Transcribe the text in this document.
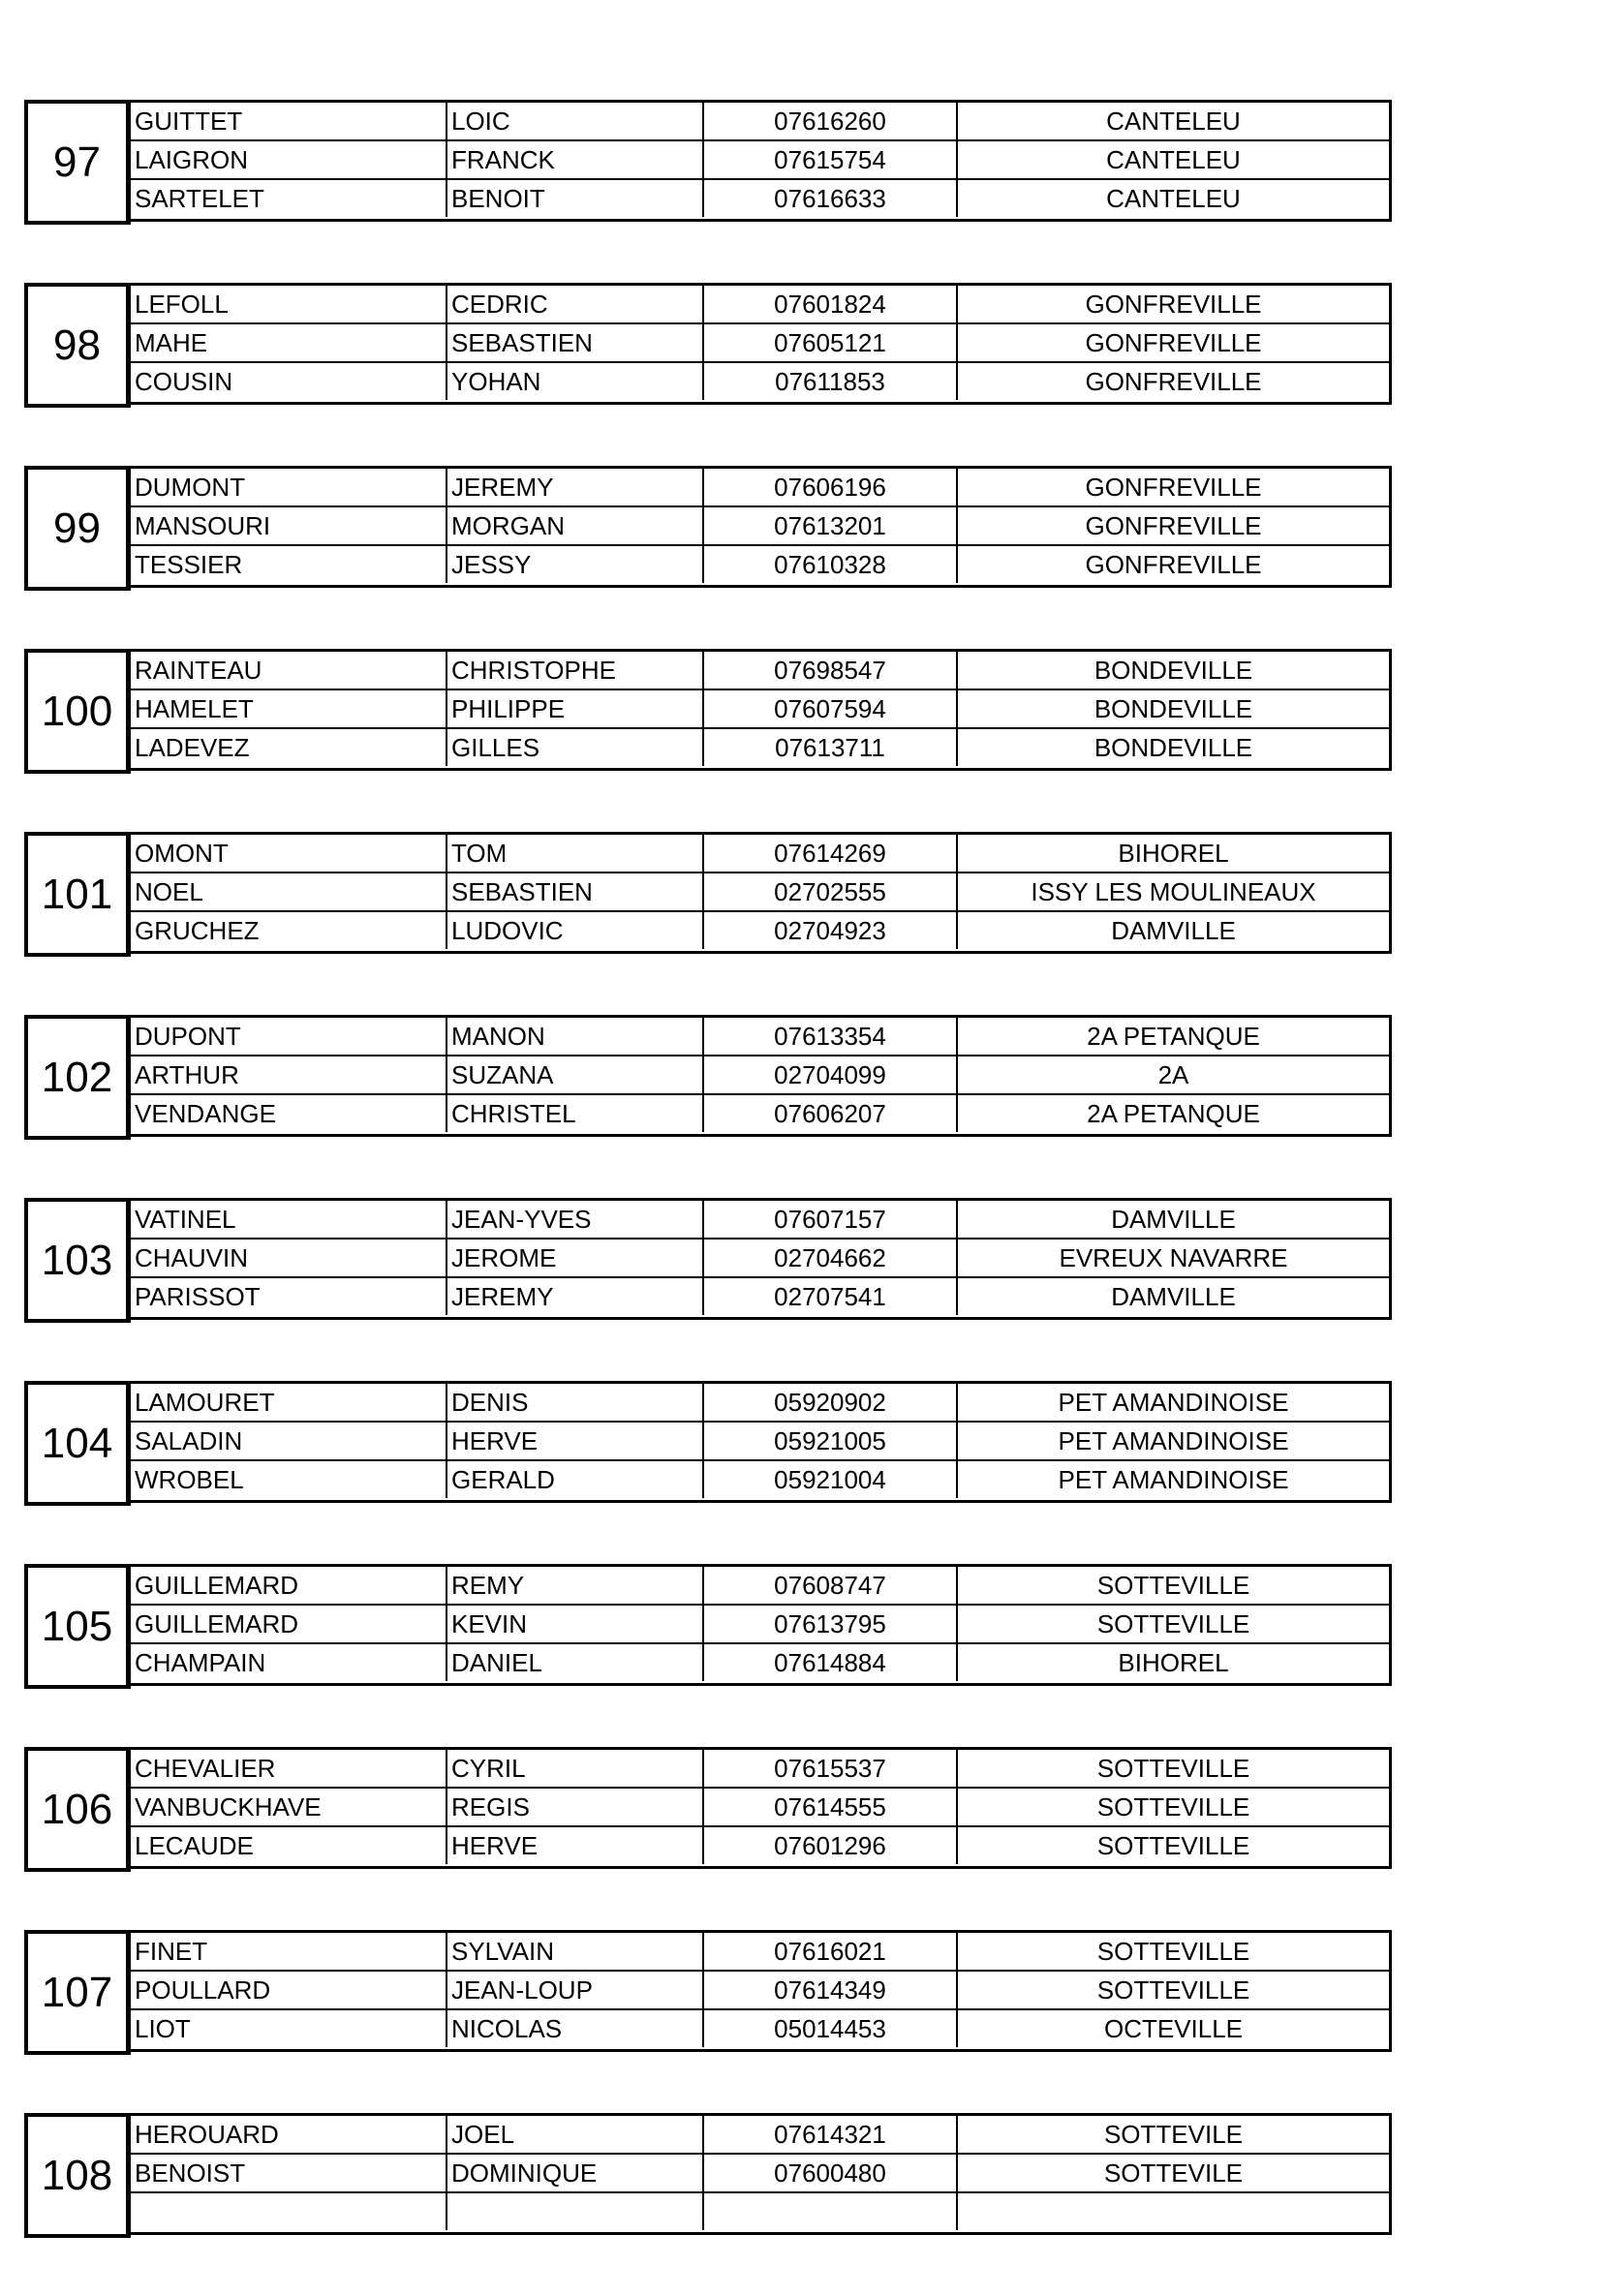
97
GUITTET	LOIC	07616260	CANTELEU
LAIGRON	FRANCK	07615754	CANTELEU
SARTELET	BENOIT	07616633	CANTELEU
98
LEFOLL	CEDRIC	07601824	GONFREVILLE
MAHE	SEBASTIEN	07605121	GONFREVILLE
COUSIN	YOHAN	07611853	GONFREVILLE
99
DUMONT	JEREMY	07606196	GONFREVILLE
MANSOURI	MORGAN	07613201	GONFREVILLE
TESSIER	JESSY	07610328	GONFREVILLE
100
RAINTEAU	CHRISTOPHE	07698547	BONDEVILLE
HAMELET	PHILIPPE	07607594	BONDEVILLE
LADEVEZ	GILLES	07613711	BONDEVILLE
101
OMONT	TOM	07614269	BIHOREL
NOEL	SEBASTIEN	02702555	ISSY LES MOULINEAUX
GRUCHEZ	LUDOVIC	02704923	DAMVILLE
102
DUPONT	MANON	07613354	2A PETANQUE
ARTHUR	SUZANA	02704099	2A
VENDANGE	CHRISTEL	07606207	2A PETANQUE
103
VATINEL	JEAN-YVES	07607157	DAMVILLE
CHAUVIN	JEROME	02704662	EVREUX NAVARRE
PARISSOT	JEREMY	02707541	DAMVILLE
104
LAMOURET	DENIS	05920902	PET AMANDINOISE
SALADIN	HERVE	05921005	PET AMANDINOISE
WROBEL	GERALD	05921004	PET AMANDINOISE
105
GUILLEMARD	REMY	07608747	SOTTEVILLE
GUILLEMARD	KEVIN	07613795	SOTTEVILLE
CHAMPAIN	DANIEL	07614884	BIHOREL
106
CHEVALIER	CYRIL	07615537	SOTTEVILLE
VANBUCKHAVE	REGIS	07614555	SOTTEVILLE
LECAUDE	HERVE	07601296	SOTTEVILLE
107
FINET	SYLVAIN	07616021	SOTTEVILLE
POULLARD	JEAN-LOUP	07614349	SOTTEVILLE
LIOT	NICOLAS	05014453	OCTEVILLE
108
HEROUARD	JOEL	07614321	SOTTEVILE
BENOIST	DOMINIQUE	07600480	SOTTEVILE
